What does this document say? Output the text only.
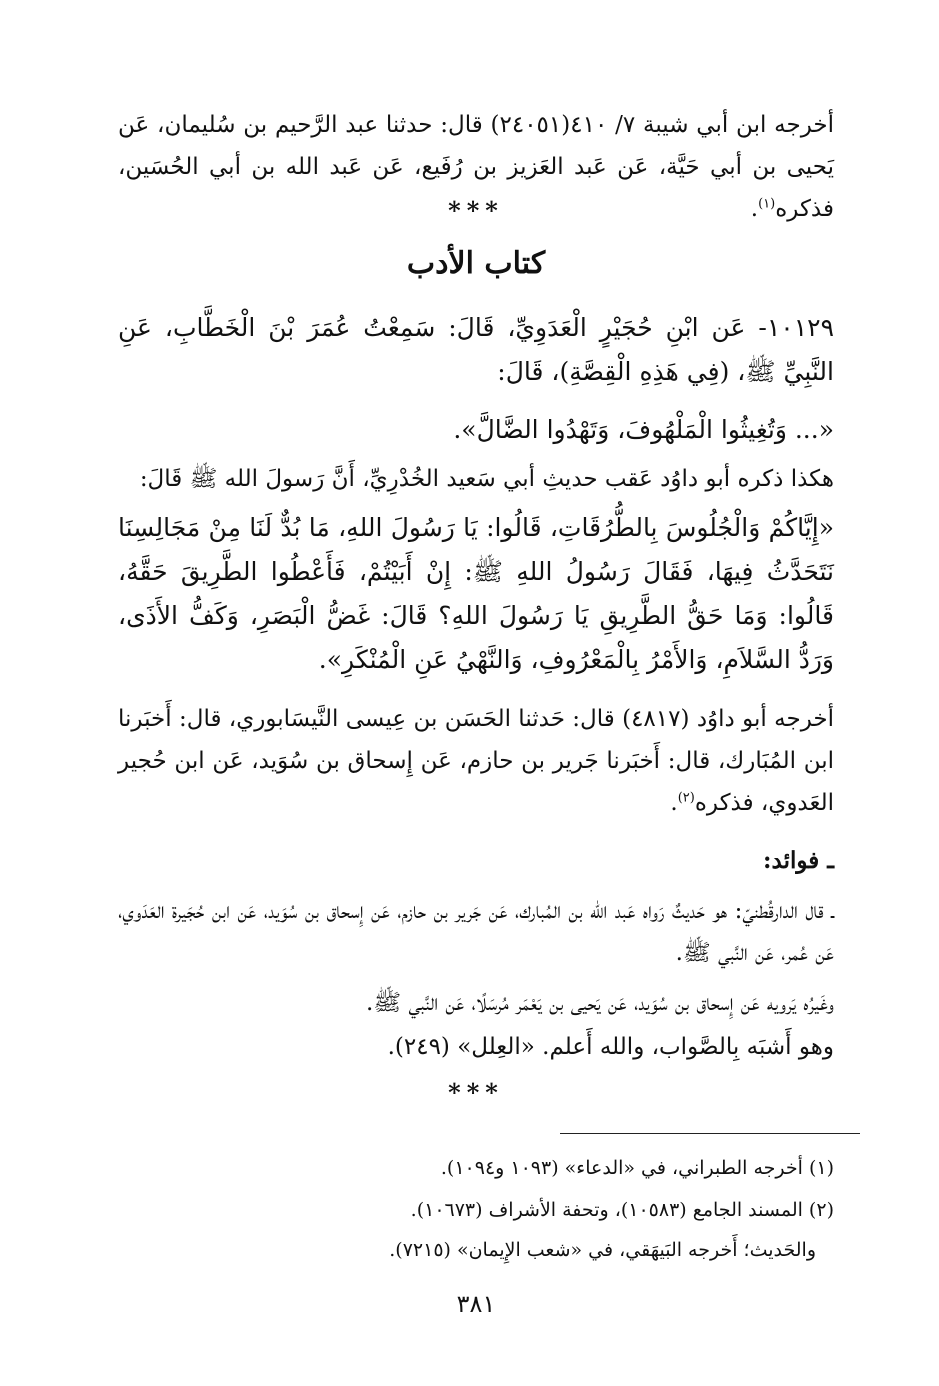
أخرجه ابن أبي شيبة ٧/ ٤١٠(٢٤٠٥١) قال: حدثنا عبد الرَّحيم بن سُليمان، عَن يَحيى بن أبي حَيَّة، عَن عَبد العَزيز بن رُفَيع، عَن عَبد الله بن أبي الحُسَين، فذكره$^{(١)}$.

***
كتاب الأدب

١٠١٢٩- عَن ابْنِ حُجَيْرٍ الْعَدَوِيِّ، قَالَ: سَمِعْتُ عُمَرَ بْنَ الْخَطَّابِ، عَنِ النَّبِيِّ ﷺ، (فِي هَذِهِ الْقِصَّةِ)، قَالَ:

«... وَتُغِيثُوا الْمَلْهُوفَ، وَتَهْدُوا الضَّالَّ».

هكذا ذكره أبو داوُد عَقب حديثِ أبي سَعيد الخُدْرِيِّ، أَنَّ رَسولَ الله ﷺ قَالَ:

«إِيَّاكُمْ وَالْجُلُوسَ بِالطُّرُقَاتِ، قَالُوا: يَا رَسُولَ اللهِ، مَا بُدٌّ لَنَا مِنْ مَجَالِسِنَا نَتَحَدَّثُ فِيهَا، فَقَالَ رَسُولُ اللهِ ﷺ: إِنْ أَبَيْتُمْ، فَأَعْطُوا الطَّرِيقَ حَقَّهُ، قَالُوا: وَمَا حَقُّ الطَّرِيقِ يَا رَسُولَ اللهِ؟ قَالَ: غَضُّ الْبَصَرِ، وَكَفُّ الأَذَى، وَرَدُّ السَّلاَمِ، وَالأَمْرُ بِالْمَعْرُوفِ، وَالنَّهْيُ عَنِ الْمُنْكَرِ».

أخرجه أبو داوُد (٤٨١٧) قال: حَدثنا الحَسَن بن عِيسى النَّيسَابوري، قال: أَخبَرنا ابن المُبَارك، قال: أَخبَرنا جَرير بن حازم، عَن إِسحاق بن سُوَيد، عَن ابن حُجير العَدوي، فذكره$^{(٢)}$.

ـ فوائد:

ـ قال الدارقُطنيّ: هو حَديثٌ رَواه عَبد الله بن المُبارك، عَن جَرير بن حازم، عَن إِسحاق بن سُوَيد، عَن ابن حُجَيرة العَدَوي، عَن عُمر، عَن النَّبي ﷺ.

وغَيرُه يَرويه عَن إِسحاق بن سُوَيد، عَن يَحيى بن يَعْمَر مُرسَلًا، عَن النَّبي ﷺ.

وهو أَشبَه بِالصَّواب، والله أَعلم. «العِلل» (٢٤٩).

***

(١) أخرجه الطبراني، في «الدعاء» (١٠٩٣ و١٠٩٤).

(٢) المسند الجامع (١٠٥٨٣)، وتحفة الأشراف (١٠٦٧٣).

والحَديث؛ أَخرجه البَيهَقي، في «شعب الإِيمان» (٧٢١٥).

٣٨١
